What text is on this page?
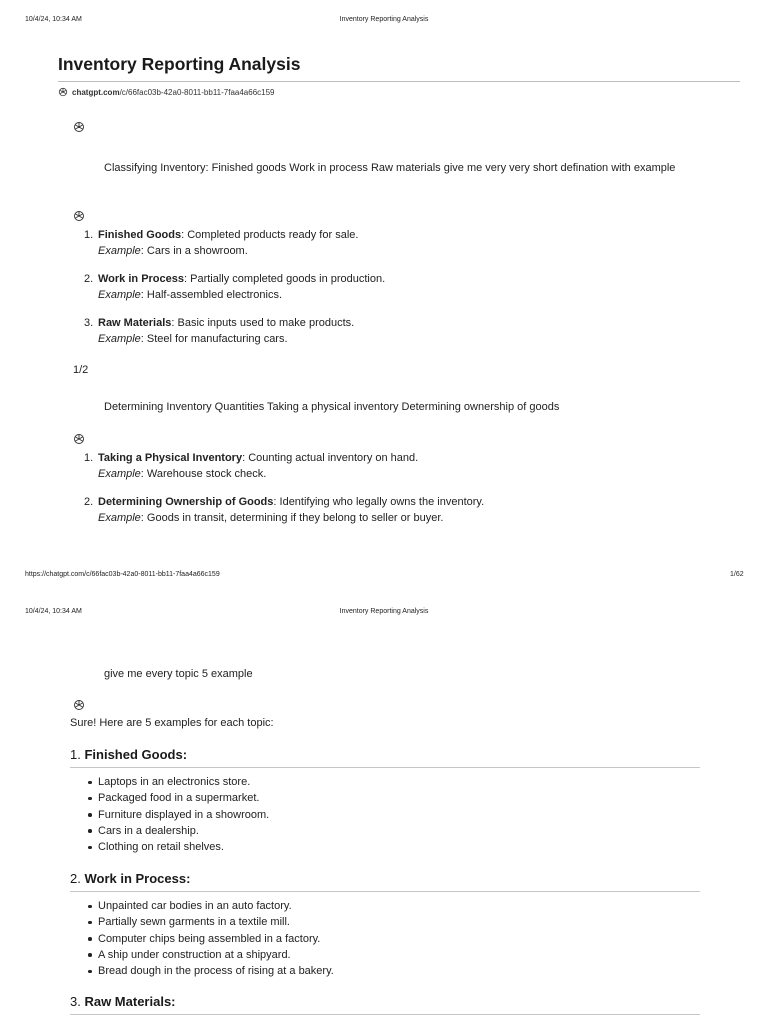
10/4/24, 10:34 AM	Inventory Reporting Analysis
Inventory Reporting Analysis
chatgpt.com/c/66fac03b-42a0-8011-bb11-7faa4a66c159

Classifying Inventory: Finished goods Work in process Raw materials give me very very short defination with example

1. Finished Goods: Completed products ready for sale.
Example: Cars in a showroom.
2. Work in Process: Partially completed goods in production.
Example: Half-assembled electronics.
3. Raw Materials: Basic inputs used to make products.
Example: Steel for manufacturing cars.
1/2

Determining Inventory Quantities Taking a physical inventory Determining ownership of goods

1. Taking a Physical Inventory: Counting actual inventory on hand.
Example: Warehouse stock check.
2. Determining Ownership of Goods: Identifying who legally owns the inventory.
Example: Goods in transit, determining if they belong to seller or buyer.
https://chatgpt.com/c/66fac03b-42a0-8011-bb11-7faa4a66c159	1/62
10/4/24, 10:34 AM	Inventory Reporting Analysis

give me every topic 5 example

Sure! Here are 5 examples for each topic:
1. Finished Goods:
Laptops in an electronics store.
Packaged food in a supermarket.
Furniture displayed in a showroom.
Cars in a dealership.
Clothing on retail shelves.
2. Work in Process:
Unpainted car bodies in an auto factory.
Partially sewn garments in a textile mill.
Computer chips being assembled in a factory.
A ship under construction at a shipyard.
Bread dough in the process of rising at a bakery.
3. Raw Materials:
